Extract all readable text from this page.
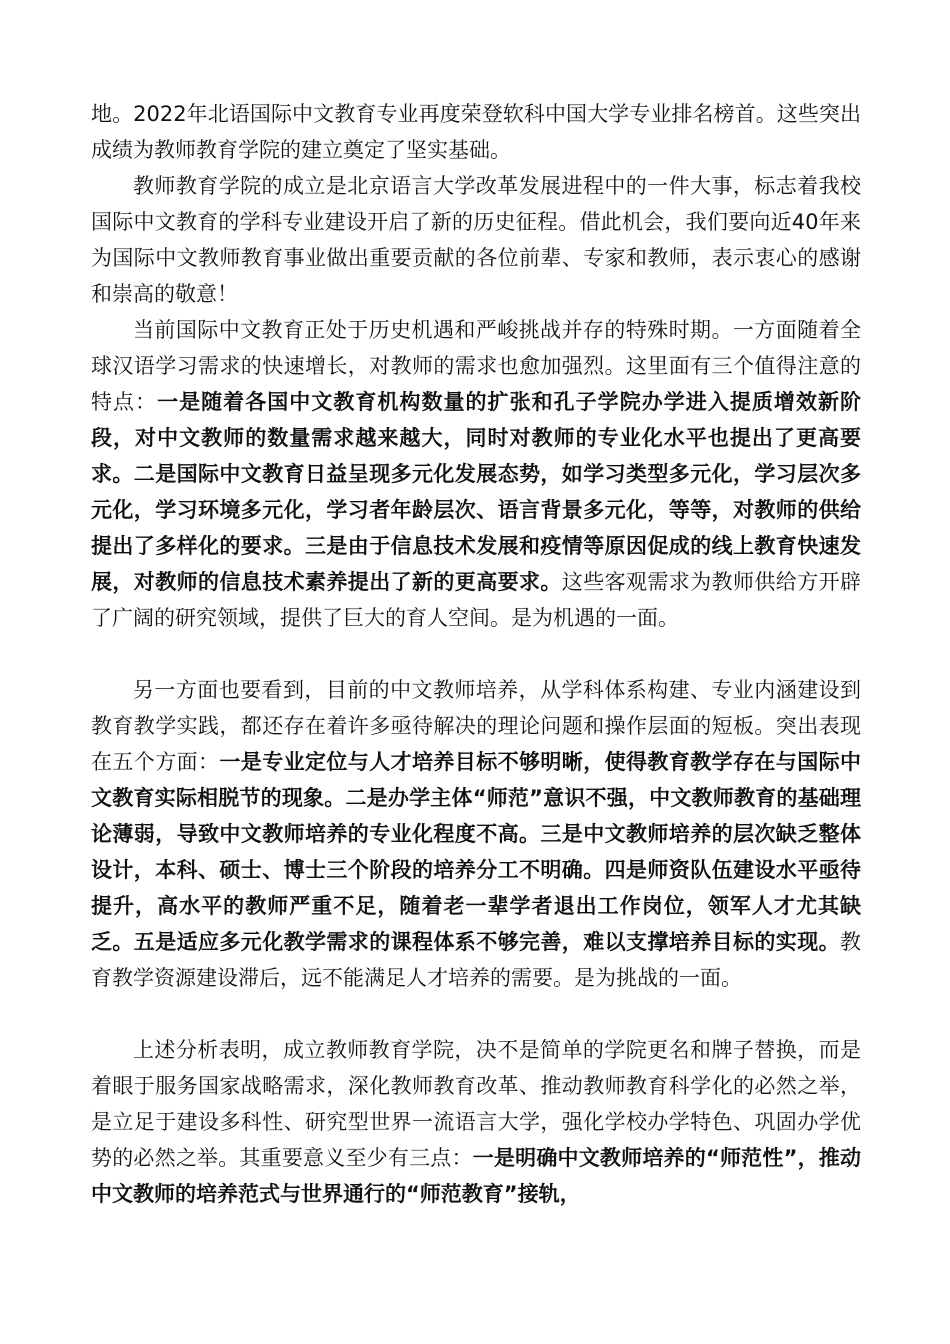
地。2022年北语国际中文教育专业再度荣登软科中国大学专业排名榜首。这些突出成绩为教师教育学院的建立奠定了坚实基础。

教师教育学院的成立是北京语言大学改革发展进程中的一件大事，标志着我校国际中文教育的学科专业建设开启了新的历史征程。借此机会，我们要向近40年来为国际中文教师教育事业做出重要贡献的各位前辈、专家和教师，表示衷心的感谢和崇高的敬意！

当前国际中文教育正处于历史机遇和严峻挑战并存的特殊时期。一方面随着全球汉语学习需求的快速增长，对教师的需求也愈加强烈。这里面有三个值得注意的特点：一是随着各国中文教育机构数量的扩张和孔子学院办学进入提质增效新阶段，对中文教师的数量需求越来越大，同时对教师的专业化水平也提出了更高要求。二是国际中文教育日益呈现多元化发展态势，如学习类型多元化，学习层次多元化，学习环境多元化，学习者年龄层次、语言背景多元化，等等，对教师的供给提出了多样化的要求。三是由于信息技术发展和疫情等原因促成的线上教育快速发展，对教师的信息技术素养提出了新的更高要求。这些客观需求为教师供给方开辟了广阔的研究领域，提供了巨大的育人空间。是为机遇的一面。

另一方面也要看到，目前的中文教师培养，从学科体系构建、专业内涵建设到教育教学实践，都还存在着许多亟待解决的理论问题和操作层面的短板。突出表现在五个方面：一是专业定位与人才培养目标不够明晰，使得教育教学存在与国际中文教育实际相脱节的现象。二是办学主体“师范”意识不强，中文教师教育的基础理论薄弱，导致中文教师培养的专业化程度不高。三是中文教师培养的层次缺乏整体设计，本科、硕士、博士三个阶段的培养分工不明确。四是师资队伍建设水平亟待提升，高水平的教师严重不足，随着老一辈学者退出工作岗位，领军人才尤其缺乏。五是适应多元化教学需求的课程体系不够完善，难以支撑培养目标的实现。教育教学资源建设滞后，远不能满足人才培养的需要。是为挑战的一面。

上述分析表明，成立教师教育学院，决不是简单的学院更名和牌子替换，而是着眼于服务国家战略需求，深化教师教育改革、推动教师教育科学化的必然之举，是立足于建设多科性、研究型世界一流语言大学，强化学校办学特色、巩固办学优势的必然之举。其重要意义至少有三点：一是明确中文教师培养的“师范性”，推动中文教师的培养范式与世界通行的“师范教育”接轨，
